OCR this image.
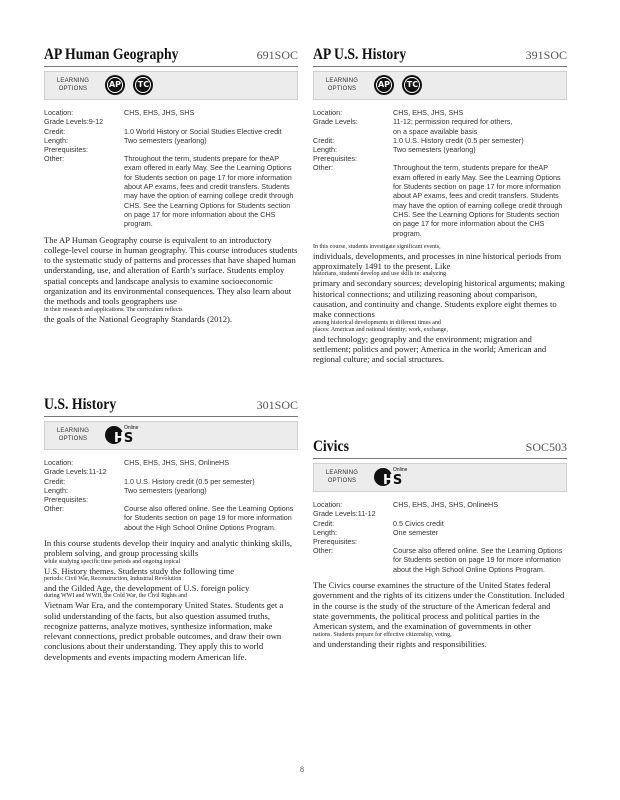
AP Human Geography	691SOC
LEARNING OPTIONS	AP
	TC
Location:	CHS, EHS, JHS, SHS
Grade Levels:9-12
Credit:	1.0 World History or Social Studies Elective credit
Length:	Two semesters (yearlong)
Prerequisites:
Other:	Throughout the term, students prepare for theAP exam offered in early May. See the Learning Options for Students section on page 17 for more information about AP exams, fees and credit transfers. Students may have the option of earning college credit through CHS. See the Learning Options for Students section on page 17 for more information about the CHS program.
The AP Human Geography course is equivalent to an introductory college-level course in human geography. This course introduces students to the systematic study of patterns and processes that have shaped human understanding, use, and alteration of Earth’s surface. Students employ spatial concepts and landscape analysis to examine socioeconomic organization and its environmental consequences. They also learn about the methods and tools geographers use
in their research and applications. The curriculum reflects
the goals of the National Geography Standards (2012).
U.S. History	301SOC
LEARNING OPTIONS
Online
HS
Location:	CHS, EHS, JHS, SHS, OnlineHS
Grade Levels:11-12
Credit:	1.0 U.S. History credit (0.5 per semester)
Length:	Two semesters (yearlong)
Prerequisites:
Other:	Course also offered online. See the Learning Options for Students section on page 19 for more information about the High School Online Options Program.
In this course students develop their inquiry and analytic thinking skills, problem solving, and group processing skills
while studying specific time periods and ongoing topical
U.S. History themes. Students study the following time
periods: Civil War, Reconstruction, Industrial Revolution
and the Gilded Age, the development of U.S. foreign policy
during WWI and WWII, the Cold War, the Civil Rights and
Vietnam War Era, and the contemporary United States. Students get a solid understanding of the facts, but also question assumed truths, recognize patterns, analyze motives, synthesize information, make relevant connections, predict probable outcomes, and draw their own conclusions about their understanding. They apply this to world developments and events impacting modern American life.
AP U.S. History	391SOC
LEARNING OPTIONS	AP
	TC
Location:	CHS, EHS, JHS, SHS
Grade Levels:	11-12; permission required for others,
on a space available basis
Credit:	1.0 U.S. History credit (0.5 per semester)
Length:	Two semesters (yearlong)
Prerequisites:
Other:	Throughout the term, students prepare for theAP exam offered in early May. See the Learning Options for Students section on page 17 for more information about AP exams, fees and credit transfers. Students may have the option of earning college credit through CHS. See the Learning Options for Students section on page 17 for more information about the CHS program.
In this course, students investigate significant events,
individuals, developments, and processes in nine historical periods from approximately 1491 to the present. Like
historians, students develop and use skills in: analyzing
primary and secondary sources; developing historical arguments; making historical connections; and utilizing reasoning about comparison, causation, and continuity and change. Students explore eight themes to make connections
among historical developments in different times and
places: American and national identity; work, exchange,
and technology; geography and the environment; migration and settlement; politics and power; America in the world; American and regional culture; and social structures.
Civics	SOC503
LEARNING OPTIONS
Online
HS
Location:	CHS, EHS, JHS, SHS, OnlineHS
Grade Levels:11-12
Credit:	0.5 Civics credit
Length:	One semester
Prerequisites:
Other:	Course also offered online. See the Learning Options for Students section on page 19 for more information about the High School Online Options Program.
The Civics course examines the structure of the United States federal government and the rights of its citizens under the Constitution. Included in the course is the study of the structure of the American federal and state governments, the political process and political parties in the American system, and the examination of governments in other
nations. Students prepare for effective citizenship, voting,
and understanding their rights and responsibilities.
8
